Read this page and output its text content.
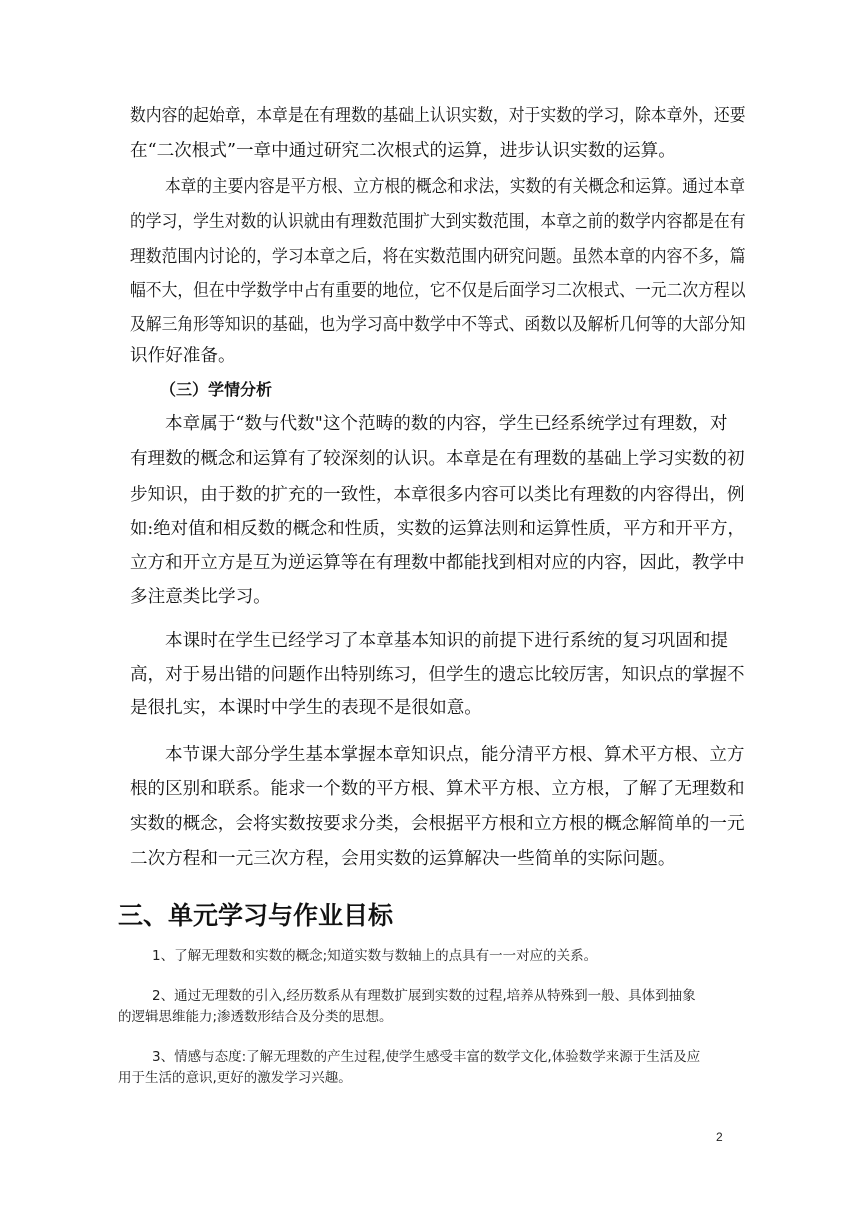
数内容的起始章，本章是在有理数的基础上认识实数，对于实数的学习，除本章外，还要
在“二次根式”一章中通过研究二次根式的运算，进步认识实数的运算。
本章的主要内容是平方根、立方根的概念和求法，实数的有关概念和运算。通过本章
的学习，学生对数的认识就由有理数范围扩大到实数范围，本章之前的数学内容都是在有
理数范围内讨论的，学习本章之后，将在实数范围内研究问题。虽然本章的内容不多，篇
幅不大，但在中学数学中占有重要的地位，它不仅是后面学习二次根式、一元二次方程以
及解三角形等知识的基础，也为学习高中数学中不等式、函数以及解析几何等的大部分知
识作好准备。
（三）学情分析
本章属于“数与代数"这个范畴的数的内容，学生已经系统学过有理数，对
有理数的概念和运算有了较深刻的认识。本章是在有理数的基础上学习实数的初
步知识，由于数的扩充的一致性，本章很多内容可以类比有理数的内容得出，例
如:绝对值和相反数的概念和性质，实数的运算法则和运算性质，平方和开平方，
立方和开立方是互为逆运算等在有理数中都能找到相对应的内容，因此，教学中
多注意类比学习。
本课时在学生已经学习了本章基本知识的前提下进行系统的复习巩固和提
高，对于易出错的问题作出特别练习，但学生的遗忘比较厉害，知识点的掌握不
是很扎实，本课时中学生的表现不是很如意。
本节课大部分学生基本掌握本章知识点，能分清平方根、算术平方根、立方
根的区别和联系。能求一个数的平方根、算术平方根、立方根，了解了无理数和
实数的概念，会将实数按要求分类，会根据平方根和立方根的概念解简单的一元
二次方程和一元三次方程，会用实数的运算解决一些简单的实际问题。
三、单元学习与作业目标
1、了解无理数和实数的概念;知道实数与数轴上的点具有一一对应的关系。
2、通过无理数的引入,经历数系从有理数扩展到实数的过程,培养从特殊到一般、具体到抽象
的逻辑思维能力;渗透数形结合及分类的思想。
3、情感与态度:了解无理数的产生过程,使学生感受丰富的数学文化,体验数学来源于生活及应
用于生活的意识,更好的激发学习兴趣。
2
